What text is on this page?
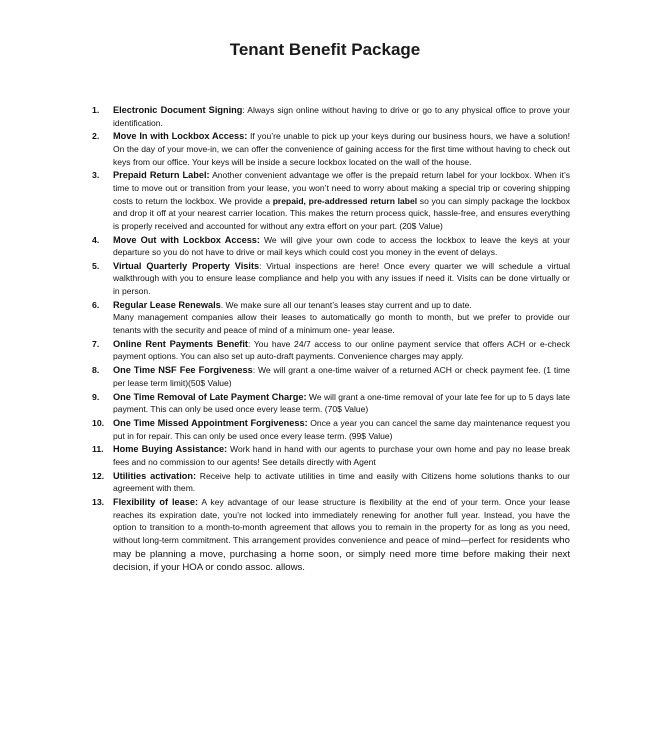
Tenant Benefit Package
1.	Electronic Document Signing: Always sign online without having to drive or go to any physical office to prove your identification.
2.	Move In with Lockbox Access: If you’re unable to pick up your keys during our business hours, we have a solution! On the day of your move-in, we can offer the convenience of gaining access for the first time without having to check out keys from our office. Your keys will be inside a secure lockbox located on the wall of the house.
3.	Prepaid Return Label: Another convenient advantage we offer is the prepaid return label for your lockbox. When it’s time to move out or transition from your lease, you won’t need to worry about making a special trip or covering shipping costs to return the lockbox. We provide a prepaid, pre-addressed return label so you can simply package the lockbox and drop it off at your nearest carrier location. This makes the return process quick, hassle-free, and ensures everything is properly received and accounted for without any extra effort on your part. (20$ Value)
4.	Move Out with Lockbox Access: We will give your own code to access the lockbox to leave the keys at your departure so you do not have to drive or mail keys which could cost you money in the event of delays.
5.	Virtual Quarterly Property Visits: Virtual inspections are here! Once every quarter we will schedule a virtual walkthrough with you to ensure lease compliance and help you with any issues if need it. Visits can be done virtually or in person.
6.	Regular Lease Renewals. We make sure all our tenant’s leases stay current and up to date.
Many management companies allow their leases to automatically go month to month, but we prefer to provide our tenants with the security and peace of mind of a minimum one- year lease.
7.	Online Rent Payments Benefit: You have 24/7 access to our online payment service that offers ACH or e-check payment options. You can also set up auto-draft payments. Convenience charges may apply.
8.	One Time NSF Fee Forgiveness: We will grant a one-time waiver of a returned ACH or check payment fee. (1 time per lease term limit)(50$ Value)
9.	One Time Removal of Late Payment Charge: We will grant a one-time removal of your late fee for up to 5 days late payment. This can only be used once every lease term. (70$ Value)
10. One Time Missed Appointment Forgiveness: Once a year you can cancel the same day maintenance request you put in for repair. This can only be used once every lease term. (99$ Value)
11.	Home Buying Assistance: Work hand in hand with our agents to purchase your own home and pay no lease break fees and no commission to our agents! See details directly with Agent
12. Utilities activation: Receive help to activate utilities in time and easily with Citizens home solutions thanks to our agreement with them.
13. Flexibility of lease: A key advantage of our lease structure is flexibility at the end of your term. Once your lease reaches its expiration date, you’re not locked into immediately renewing for another full year. Instead, you have the option to transition to a month-to-month agreement that allows you to remain in the property for as long as you need, without long-term commitment. This arrangement provides convenience and peace of mind—perfect for residents who may be planning a move, purchasing a home soon, or simply need more time before making their next decision, if your HOA or condo assoc. allows.
